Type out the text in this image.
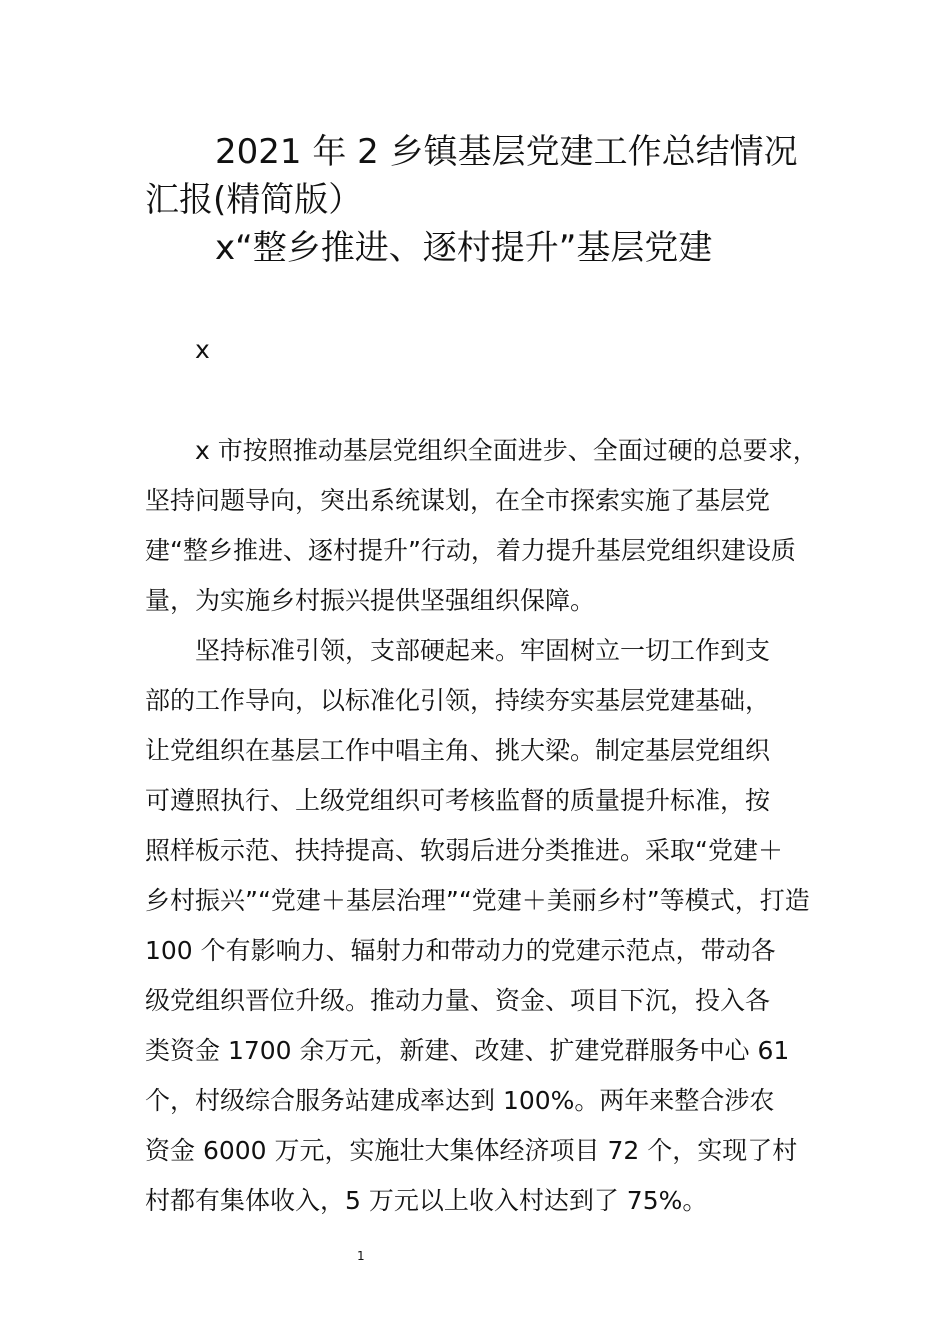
2021 年 2 乡镇基层党建工作总结情况
汇报(精简版）
x“整乡推进、逐村提升”基层党建
x

x 市按照推动基层党组织全面进步、全面过硬的总要求，
坚持问题导向，突出系统谋划，在全市探索实施了基层党
建“整乡推进、逐村提升”行动，着力提升基层党组织建设质
量，为实施乡村振兴提供坚强组织保障。

坚持标准引领，支部硬起来。牢固树立一切工作到支
部的工作导向，以标准化引领，持续夯实基层党建基础，
让党组织在基层工作中唱主角、挑大梁。制定基层党组织
可遵照执行、上级党组织可考核监督的质量提升标准，按
照样板示范、扶持提高、软弱后进分类推进。采取“党建＋
乡村振兴”“党建＋基层治理”“党建＋美丽乡村”等模式，打造
100 个有影响力、辐射力和带动力的党建示范点，带动各
级党组织晋位升级。推动力量、资金、项目下沉，投入各
类资金 1700 余万元，新建、改建、扩建党群服务中心 61
个，村级综合服务站建成率达到 100%。两年来整合涉农
资金 6000 万元，实施壮大集体经济项目 72 个，实现了村
村都有集体收入，5 万元以上收入村达到了 75%。

1
